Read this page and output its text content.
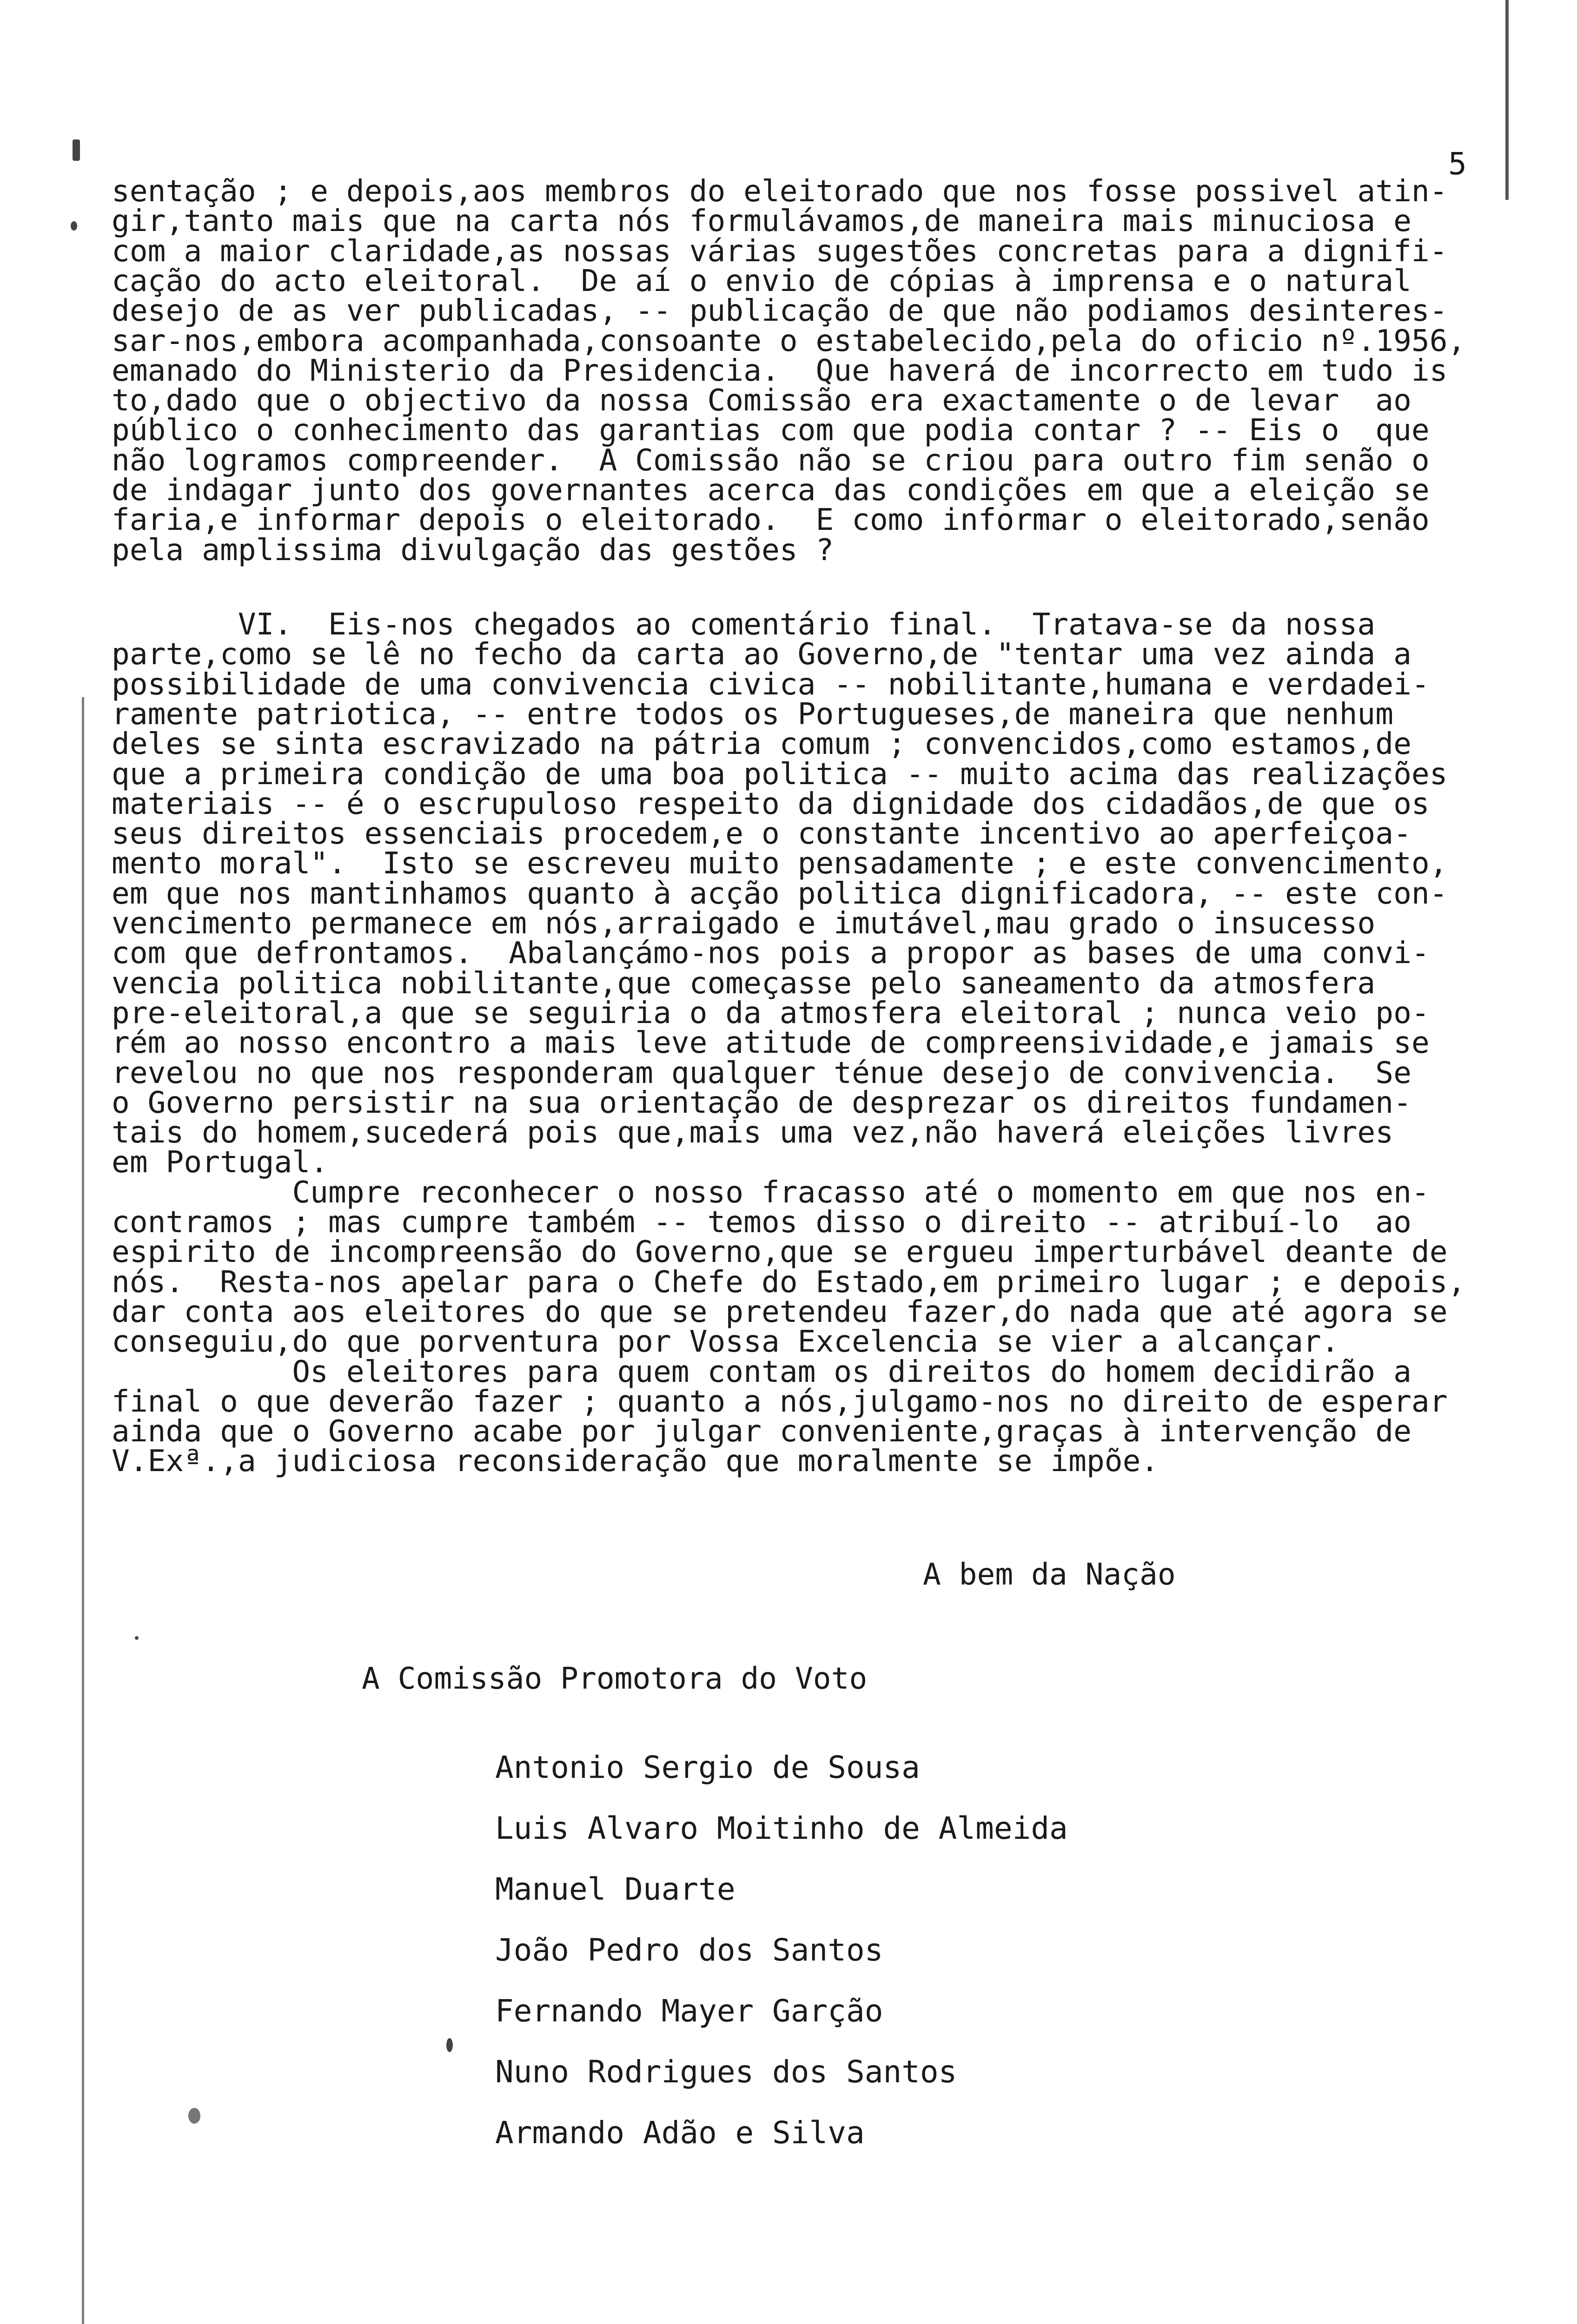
5
sentação ; e depois,aos membros do eleitorado que nos fosse possivel atin-
gir,tanto mais que na carta nós formulávamos,de maneira mais minuciosa e
com a maior claridade,as nossas várias sugestões concretas para a dignifi-
cação do acto eleitoral.  De aí o envio de cópias à imprensa e o natural
desejo de as ver publicadas, -- publicação de que não podiamos desinteres-
sar-nos,embora acompanhada,consoante o estabelecido,pela do oficio nº.1956,
emanado do Ministerio da Presidencia.  Que haverá de incorrecto em tudo is
to,dado que o objectivo da nossa Comissão era exactamente o de levar  ao
público o conhecimento das garantias com que podia contar ? -- Eis o  que
não logramos compreender.  A Comissão não se criou para outro fim senão o
de indagar junto dos governantes acerca das condições em que a eleição se
faria,e informar depois o eleitorado.  E como informar o eleitorado,senão
pela amplissima divulgação das gestões ?
VI.  Eis-nos chegados ao comentário final.  Tratava-se da nossa
parte,como se lê no fecho da carta ao Governo,de "tentar uma vez ainda a
possibilidade de uma convivencia civica -- nobilitante,humana e verdadei-
ramente patriotica, -- entre todos os Portugueses,de maneira que nenhum
deles se sinta escravizado na pátria comum ; convencidos,como estamos,de
que a primeira condição de uma boa politica -- muito acima das realizações
materiais -- é o escrupuloso respeito da dignidade dos cidadãos,de que os
seus direitos essenciais procedem,e o constante incentivo ao aperfeiçoa-
mento moral".  Isto se escreveu muito pensadamente ; e este convencimento,
em que nos mantinhamos quanto à acção politica dignificadora, -- este con-
vencimento permanece em nós,arraigado e imutável,mau grado o insucesso
com que defrontamos.  Abalançámo-nos pois a propor as bases de uma convi-
vencia politica nobilitante,que começasse pelo saneamento da atmosfera
pre-eleitoral,a que se seguiria o da atmosfera eleitoral ; nunca veio po-
rém ao nosso encontro a mais leve atitude de compreensividade,e jamais se
revelou no que nos responderam qualquer ténue desejo de convivencia.  Se
o Governo persistir na sua orientação de desprezar os direitos fundamen-
tais do homem,sucederá pois que,mais uma vez,não haverá eleições livres
em Portugal.
Cumpre reconhecer o nosso fracasso até o momento em que nos en-
contramos ; mas cumpre também -- temos disso o direito -- atribuí-lo  ao
espirito de incompreensão do Governo,que se ergueu imperturbável deante de
nós.  Resta-nos apelar para o Chefe do Estado,em primeiro lugar ; e depois,
dar conta aos eleitores do que se pretendeu fazer,do nada que até agora se
conseguiu,do que porventura por Vossa Excelencia se vier a alcançar.
Os eleitores para quem contam os direitos do homem decidirão a
final o que deverão fazer ; quanto a nós,julgamo-nos no direito de esperar
ainda que o Governo acabe por julgar conveniente,graças à intervenção de
V.Exª.,a judiciosa reconsideração que moralmente se impõe.
A bem da Nação
A Comissão Promotora do Voto
Antonio Sergio de Sousa
Luis Alvaro Moitinho de Almeida
Manuel Duarte
João Pedro dos Santos
Fernando Mayer Garção
Nuno Rodrigues dos Santos
Armando Adão e Silva
